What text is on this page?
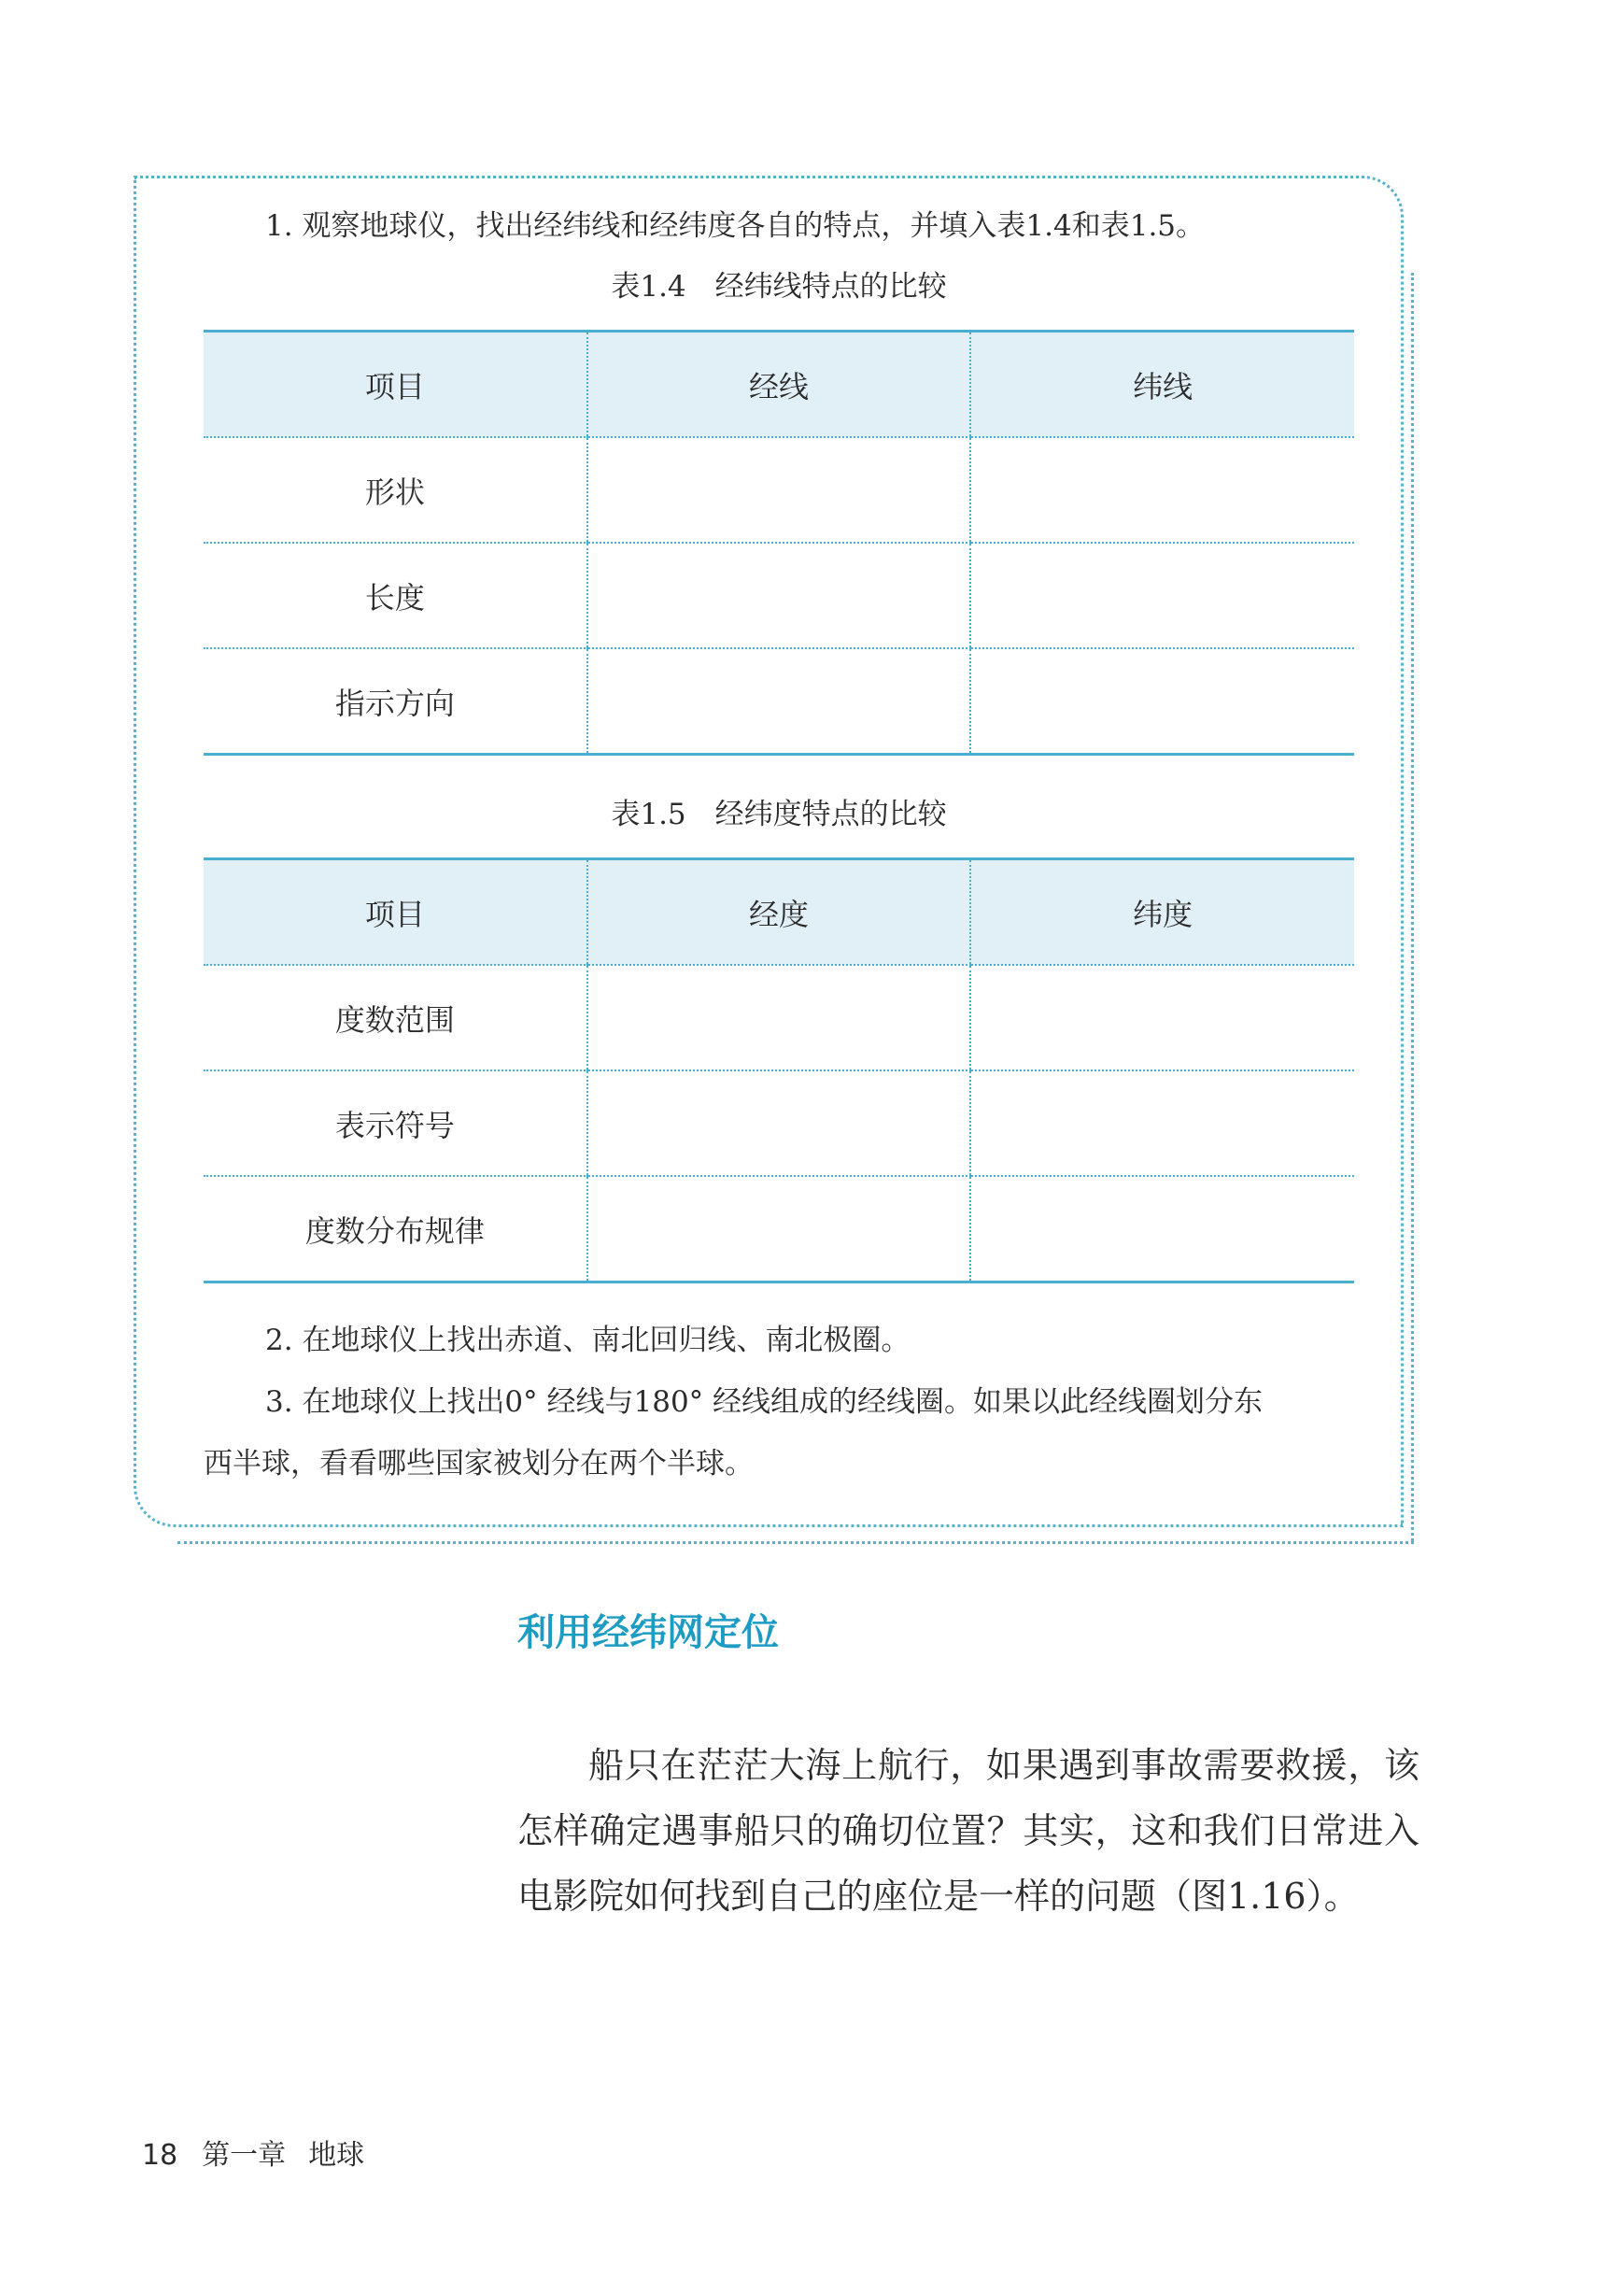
1. 观察地球仪，找出经纬线和经纬度各自的特点，并填入表1.4和表1.5。
表1.4　经纬线特点的比较
项目	经线	纬线
形状		
长度		
指示方向		
表1.5　经纬度特点的比较
项目	经度	纬度
度数范围		
表示符号		
度数分布规律		
2. 在地球仪上找出赤道、南北回归线、南北极圈。
3. 在地球仪上找出0° 经线与180° 经线组成的经线圈。如果以此经线圈划分东
西半球，看看哪些国家被划分在两个半球。
利用经纬网定位
船只在茫茫大海上航行，如果遇到事故需要救援，该怎样确定遇事船只的确切位置？其实，这和我们日常进入电影院如何找到自己的座位是一样的问题（图1.16）。
18 第一章 地球
